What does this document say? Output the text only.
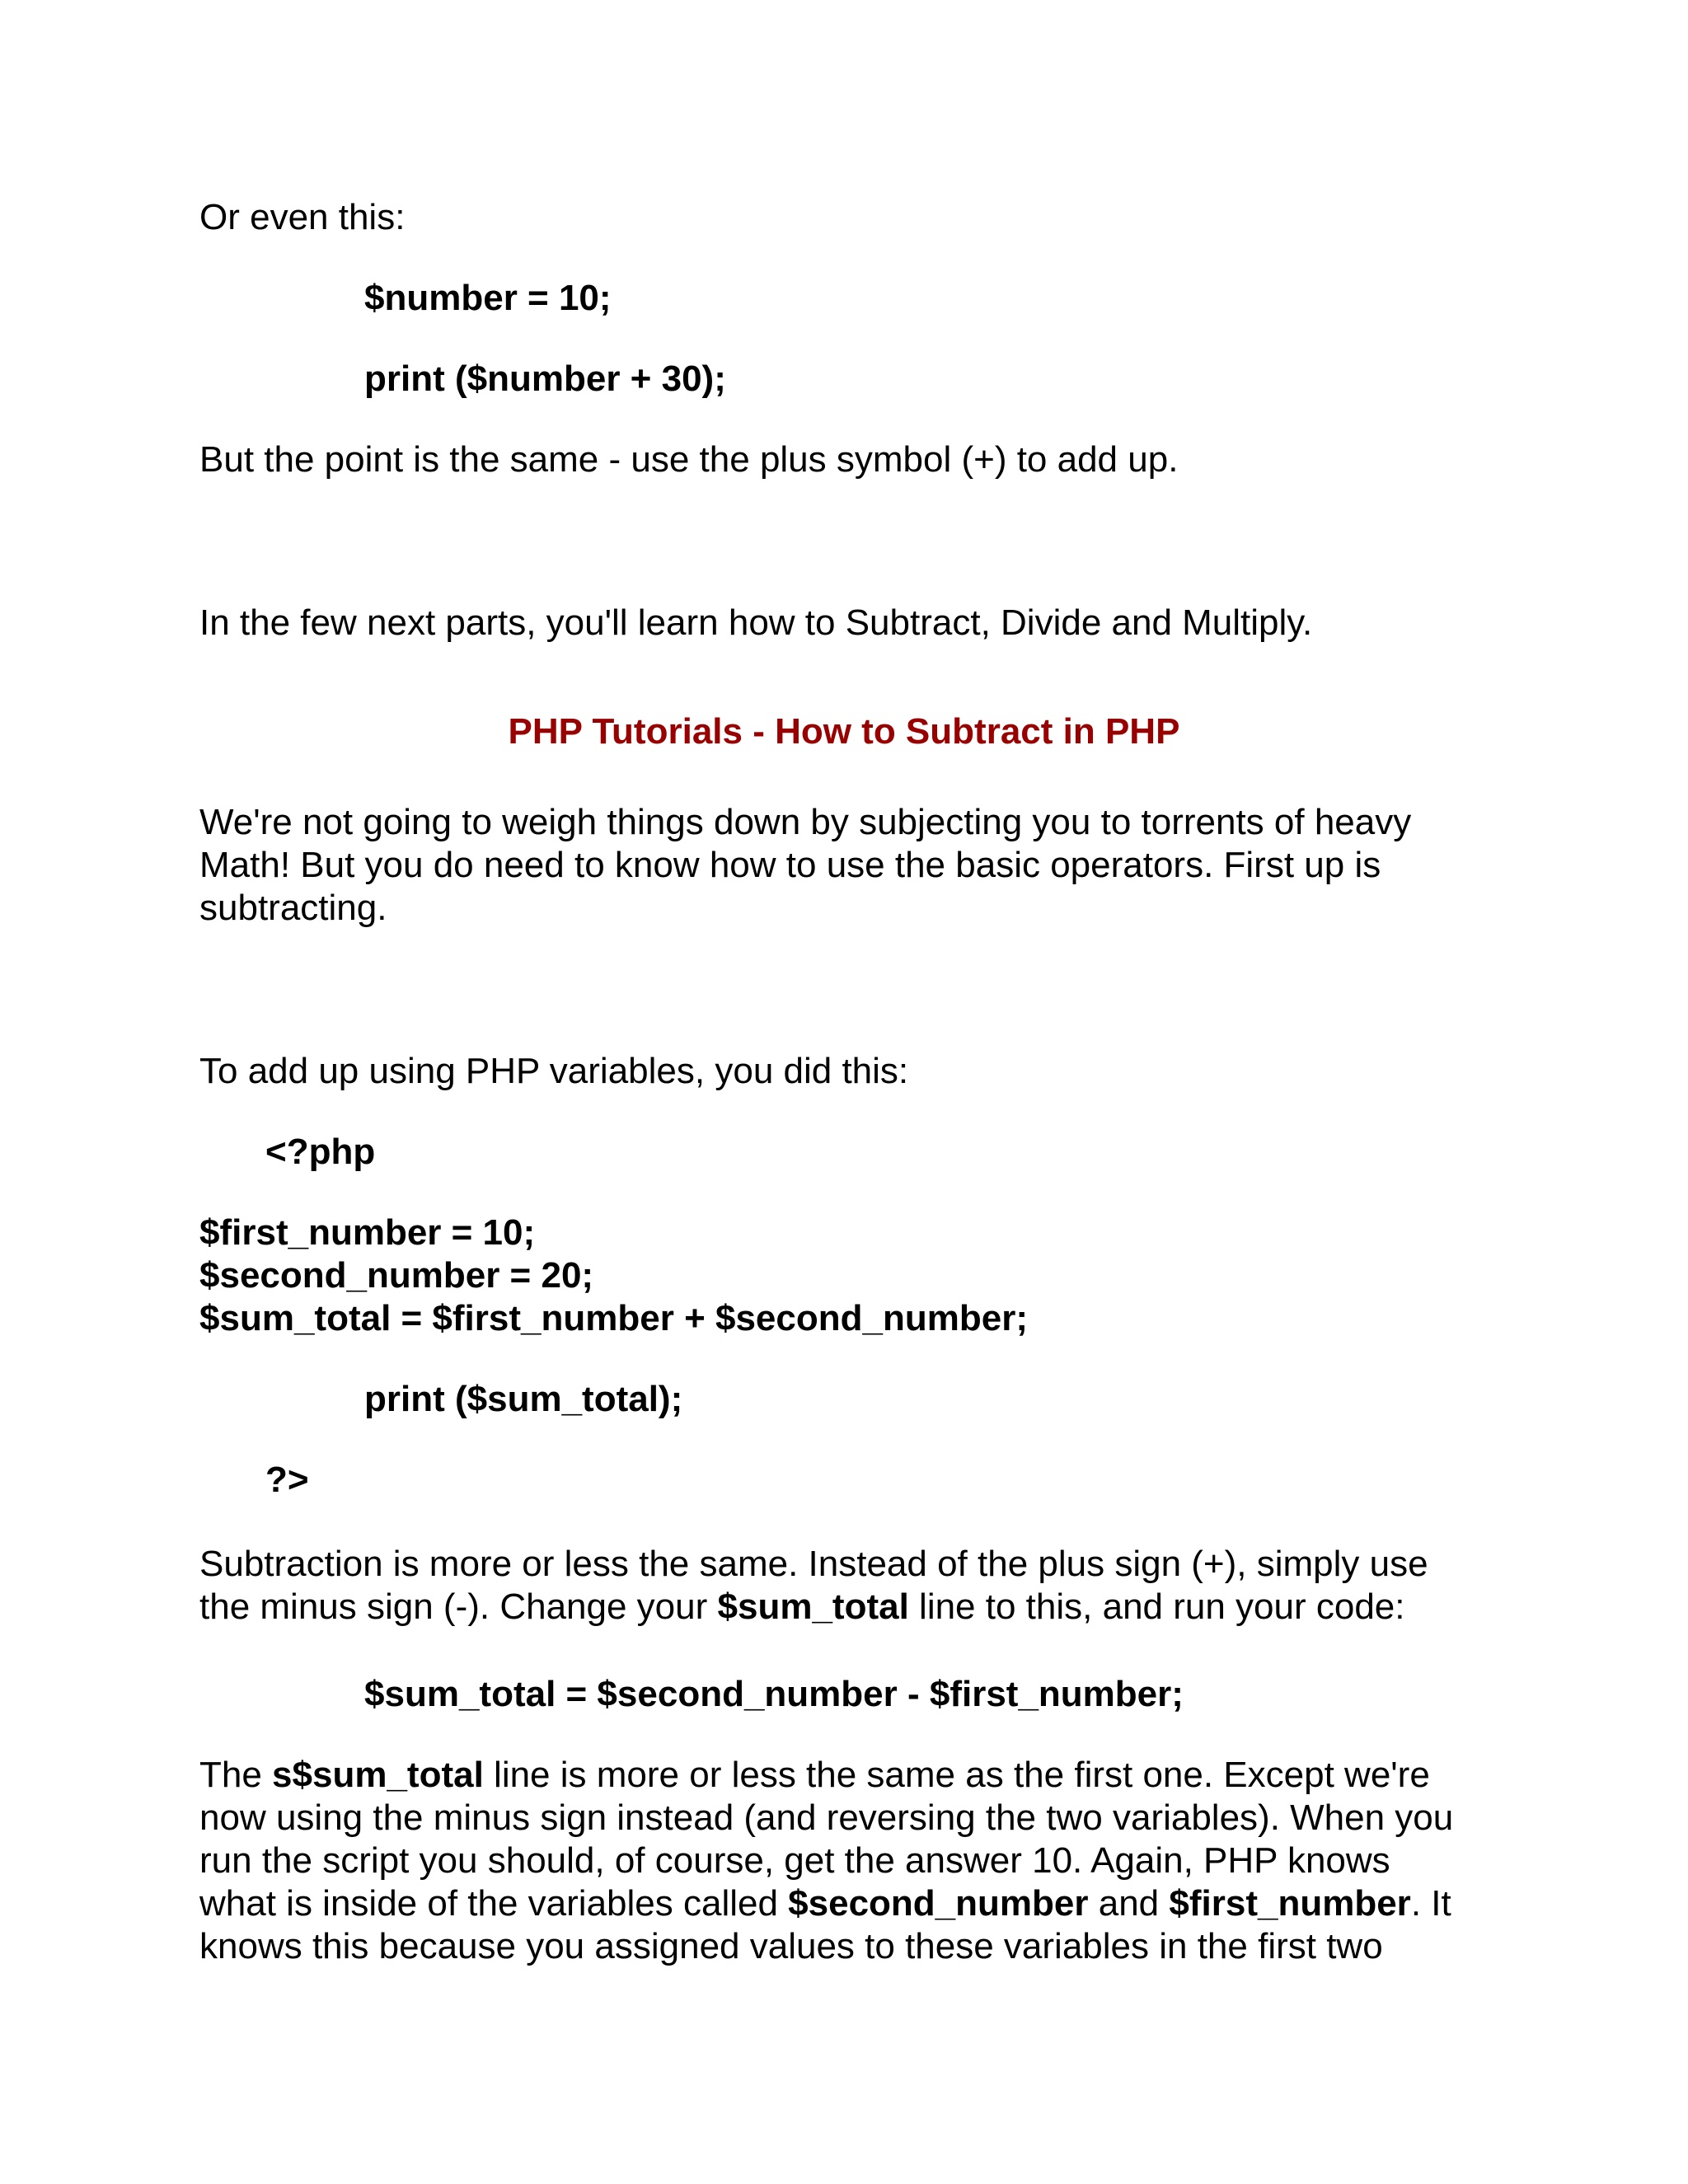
Or even this:
$number = 10;
print ($number + 30);
But the point is the same - use the plus symbol (+) to add up.
In the few next parts, you'll learn how to Subtract, Divide and Multiply.
PHP Tutorials - How to Subtract in PHP
We're not going to weigh things down by subjecting you to torrents of heavy
Math! But you do need to know how to use the basic operators. First up is
subtracting.
To add up using PHP variables, you did this:
<?php
$first_number = 10;
$second_number = 20;
$sum_total = $first_number + $second_number;
print ($sum_total);
?>
Subtraction is more or less the same. Instead of the plus sign (+), simply use
the minus sign (-). Change your $sum_total line to this, and run your code:
$sum_total = $second_number - $first_number;
The s$sum_total line is more or less the same as the first one. Except we're
now using the minus sign instead (and reversing the two variables). When you
run the script you should, of course, get the answer 10. Again, PHP knows
what is inside of the variables called $second_number and $first_number. It
knows this because you assigned values to these variables in the first two
